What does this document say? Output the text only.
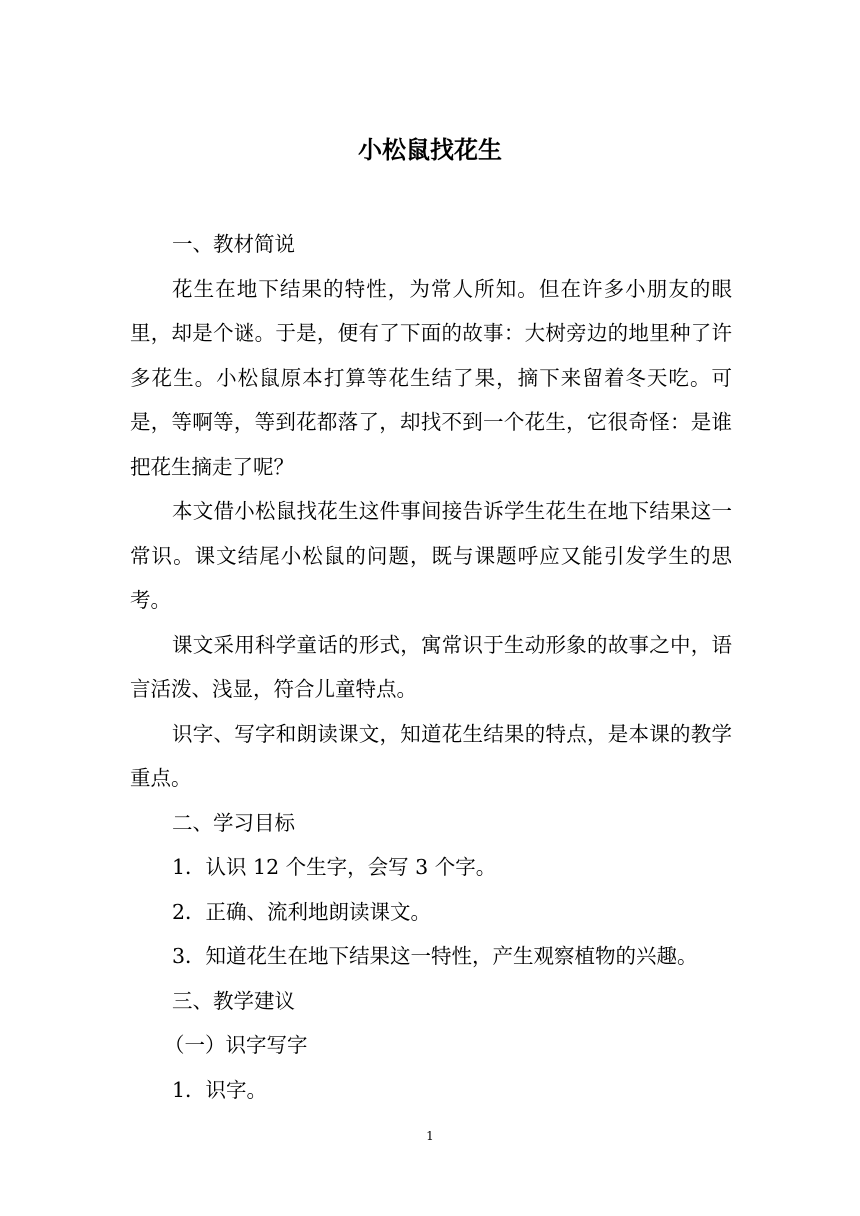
小松鼠找花生

一、教材简说

花生在地下结果的特性，为常人所知。但在许多小朋友的眼里，却是个谜。于是，便有了下面的故事：大树旁边的地里种了许多花生。小松鼠原本打算等花生结了果，摘下来留着冬天吃。可是，等啊等，等到花都落了，却找不到一个花生，它很奇怪：是谁把花生摘走了呢？

本文借小松鼠找花生这件事间接告诉学生花生在地下结果这一常识。课文结尾小松鼠的问题，既与课题呼应又能引发学生的思考。

课文采用科学童话的形式，寓常识于生动形象的故事之中，语言活泼、浅显，符合儿童特点。

识字、写字和朗读课文，知道花生结果的特点，是本课的教学重点。

二、学习目标

1．认识 12 个生字，会写 3 个字。

2．正确、流利地朗读课文。

3．知道花生在地下结果这一特性，产生观察植物的兴趣。

三、教学建议

（一）识字写字

1．识字。

1
